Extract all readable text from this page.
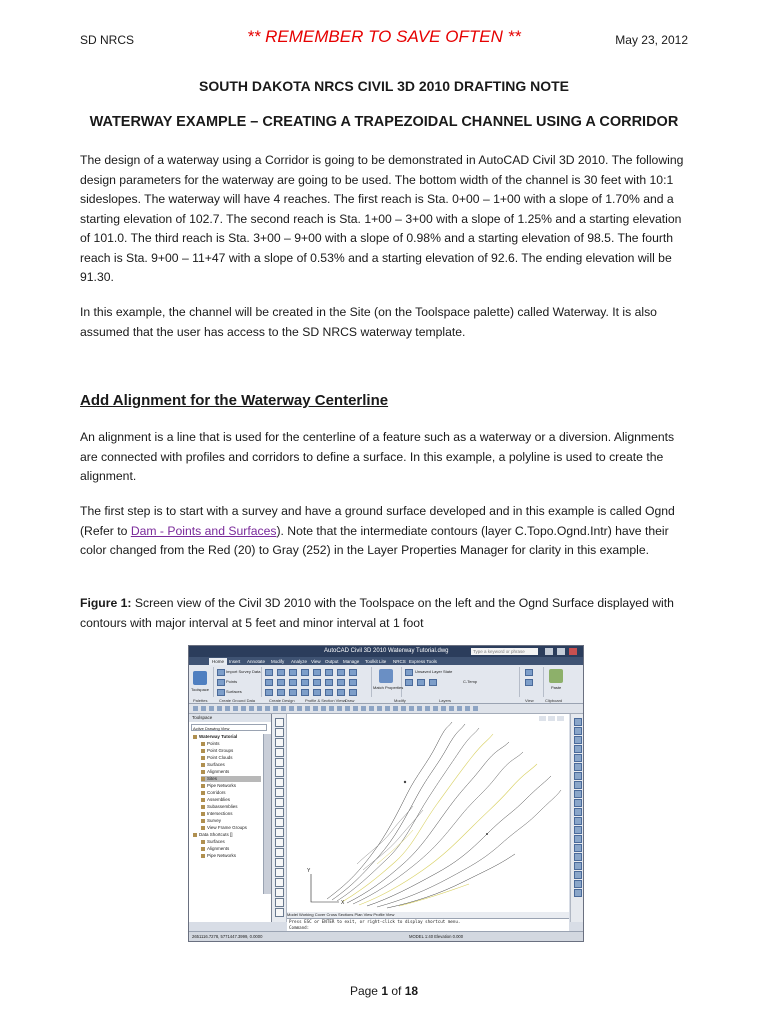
SD NRCS	** REMEMBER TO SAVE OFTEN **	May 23, 2012
SOUTH DAKOTA NRCS CIVIL 3D 2010 DRAFTING NOTE
WATERWAY EXAMPLE – CREATING A TRAPEZOIDAL CHANNEL USING A CORRIDOR
The design of a waterway using a Corridor is going to be demonstrated in AutoCAD Civil 3D 2010. The following design parameters for the waterway are going to be used. The bottom width of the channel is 30 feet with 10:1 sideslopes. The waterway will have 4 reaches. The first reach is Sta. 0+00 – 1+00 with a slope of 1.70% and a starting elevation of 102.7. The second reach is Sta. 1+00 – 3+00 with a slope of 1.25% and a starting elevation of 101.0. The third reach is Sta. 3+00 – 9+00 with a slope of 0.98% and a starting elevation of 98.5. The fourth reach is Sta. 9+00 – 11+47 with a slope of 0.53% and a starting elevation of 92.6. The ending elevation will be 91.30.
In this example, the channel will be created in the Site (on the Toolspace palette) called Waterway. It is also assumed that the user has access to the SD NRCS waterway template.
Add Alignment for the Waterway Centerline
An alignment is a line that is used for the centerline of a feature such as a waterway or a diversion. Alignments are connected with profiles and corridors to define a surface. In this example, a polyline is used to create the alignment.
The first step is to start with a survey and have a ground surface developed and in this example is called Ognd (Refer to Dam - Points and Surfaces). Note that the intermediate contours (layer C.Topo.Ognd.Intr) have their color changed from the Red (20) to Gray (252) in the Layer Properties Manager for clarity in this example.
Figure 1: Screen view of the Civil 3D 2010 with the Toolspace on the left and the Ognd Surface displayed with contours with major interval at 5 feet and minor interval at 1 foot
AutoCAD Civil 3D 2010 Waterway Tutorial.dwg	Type a keyword or phrase
Home	Insert Annotate Modify Analyze View Output Manage Toolkit Lite NRCS Express Tools
Toolspace
Import Survey Data
Points
Surfaces
Match Properties
Unsaved Layer State
C-Temp
Paste
Palettes	Create Ground Data	Create Design	Profile & Section Views
Draw	Modify	Layers	View	Clipboard
Toolspace
Active Drawing View
Waterway Tutorial
Points
Point Groups
Point Clouds
Surfaces
Alignments
Sites
Pipe Networks
Corridors
Assemblies
Subassemblies
Intersections
Survey
View Frame Groups
Data Shortcuts []
Surfaces
Alignments
Pipe Networks
Y
X
Model Working Cover Cross Sections Plan View Profile View
Press ESC or ENTER to exit, or right-click to display shortcut menu.
Command:
2651116.7278, 5771447.3999, 0.0000	MODEL 1:40 Elevation 0.000
Page 1 of 18
